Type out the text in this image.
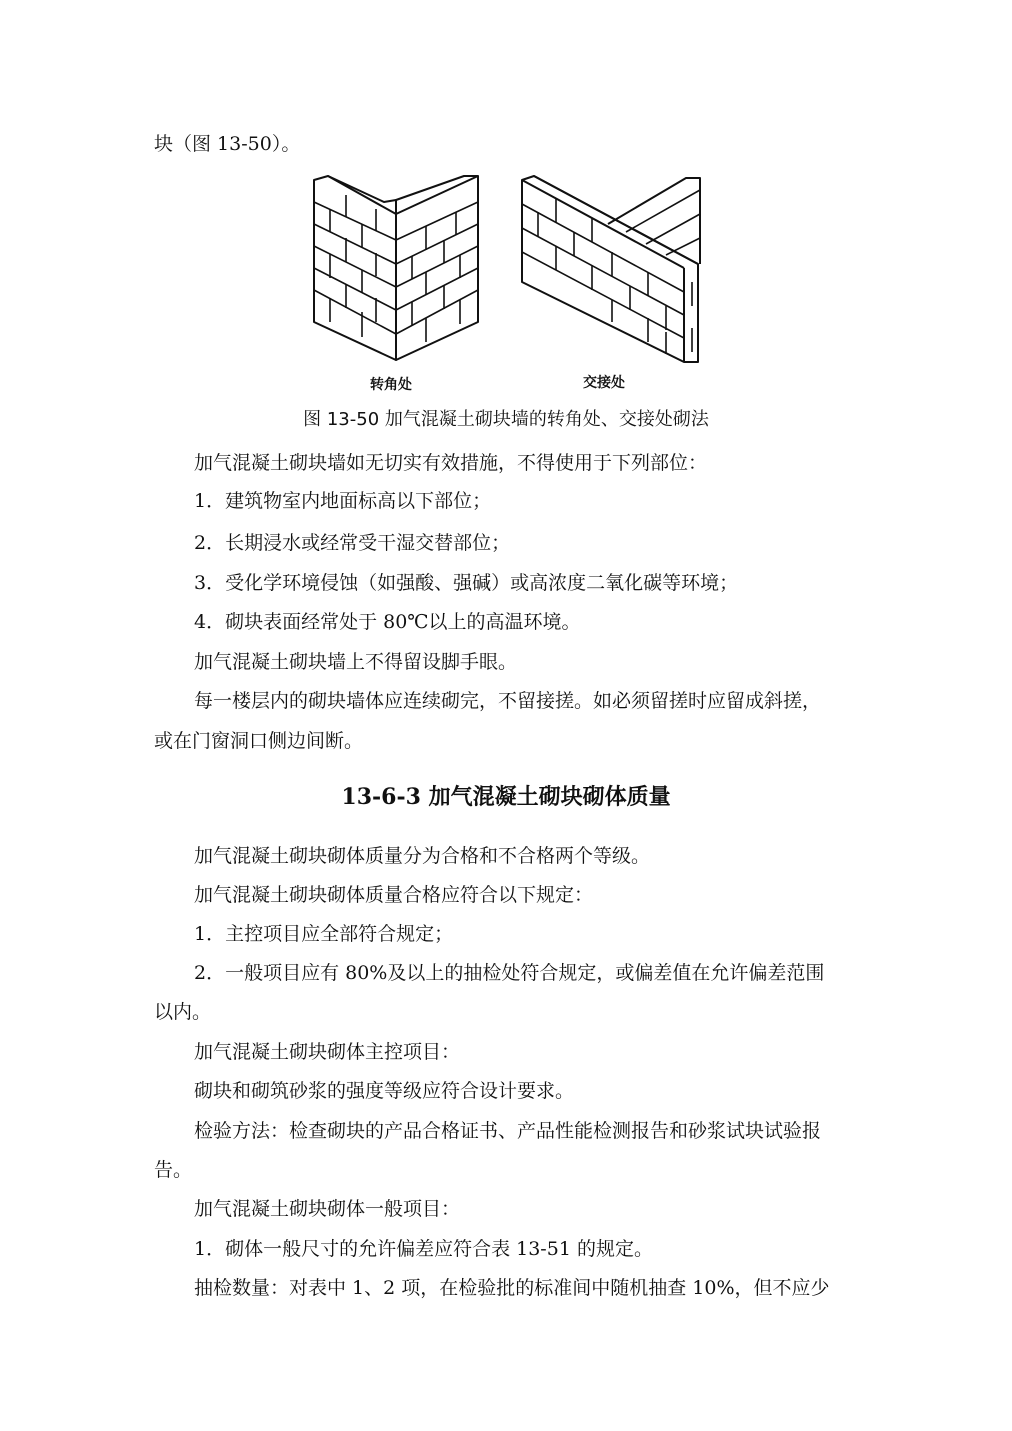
块（图 13-50）。
转角处	交接处
图 13-50 加气混凝土砌块墙的转角处、交接处砌法
加气混凝土砌块墙如无切实有效措施，不得使用于下列部位：
1．建筑物室内地面标高以下部位；
2．长期浸水或经常受干湿交替部位；
3．受化学环境侵蚀（如强酸、强碱）或高浓度二氧化碳等环境；
4．砌块表面经常处于 80℃以上的高温环境。
加气混凝土砌块墙上不得留设脚手眼。
每一楼层内的砌块墙体应连续砌完，不留接搓。如必须留搓时应留成斜搓，
或在门窗洞口侧边间断。
13-6-3 加气混凝土砌块砌体质量
加气混凝土砌块砌体质量分为合格和不合格两个等级。
加气混凝土砌块砌体质量合格应符合以下规定：
1．主控项目应全部符合规定；
2．一般项目应有 80%及以上的抽检处符合规定，或偏差值在允许偏差范围
以内。
加气混凝土砌块砌体主控项目：
砌块和砌筑砂浆的强度等级应符合设计要求。
检验方法：检查砌块的产品合格证书、产品性能检测报告和砂浆试块试验报
告。
加气混凝土砌块砌体一般项目：
1．砌体一般尺寸的允许偏差应符合表 13-51 的规定。
抽检数量：对表中 1、2 项，在检验批的标准间中随机抽查 10%，但不应少
